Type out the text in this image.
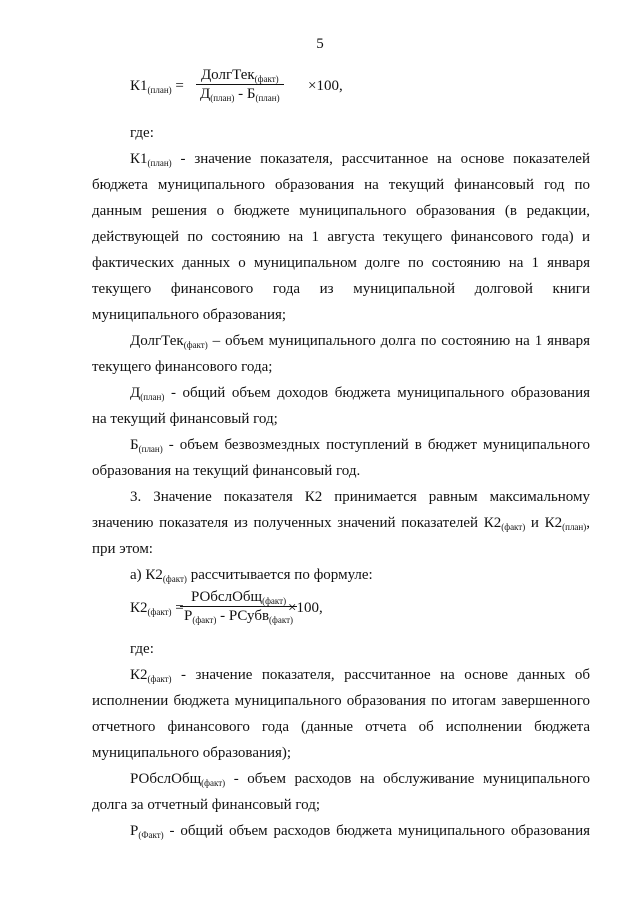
5
$К1_{(план)}$ =
ДолгТек$_{(факт)}$
$Д_{(план)} - Б_{(план)}$
×100,
где:
$К1_{(план)}$ - значение показателя, рассчитанное на основе показателей
бюджета муниципального образования на текущий финансовый год по
данным решения о бюджете муниципального образования (в редакции,
действующей по состоянию на 1 августа текущего финансового года) и
фактических данных о муниципальном долге по состоянию на 1 января
текущего финансового года из муниципальной долговой книги
муниципального образования;
ДолгТек$_{(факт)}$ – объем муниципального долга по состоянию на 1 января
текущего финансового года;
$Д_{(план)}$ - общий объем доходов бюджета муниципального образования
на текущий финансовый год;
$Б_{(план)}$ - объем безвозмездных поступлений в бюджет муниципального
образования на текущий финансовый год.
3. Значение показателя К2 принимается равным максимальному
значению показателя из полученных значений показателей $К2_{(факт)}$ и $К2_{(план)}$,
при этом:
а) $К2_{(факт)}$ рассчитывается по формуле:
$К2_{(факт)}$ =
РОбслОбщ$_{(факт)}$
$Р_{(факт)}$ - РСубв$_{(факт)}$
×100,
где:
$К2_{(факт)}$ - значение показателя, рассчитанное на основе данных об
исполнении бюджета муниципального образования по итогам завершенного
отчетного финансового года (данные отчета об исполнении бюджета
муниципального образования);
РОбслОбщ$_{(факт)}$ - объем расходов на обслуживание муниципального
долга за отчетный финансовый год;
$Р_{(Факт)}$ - общий объем расходов бюджета муниципального образования
